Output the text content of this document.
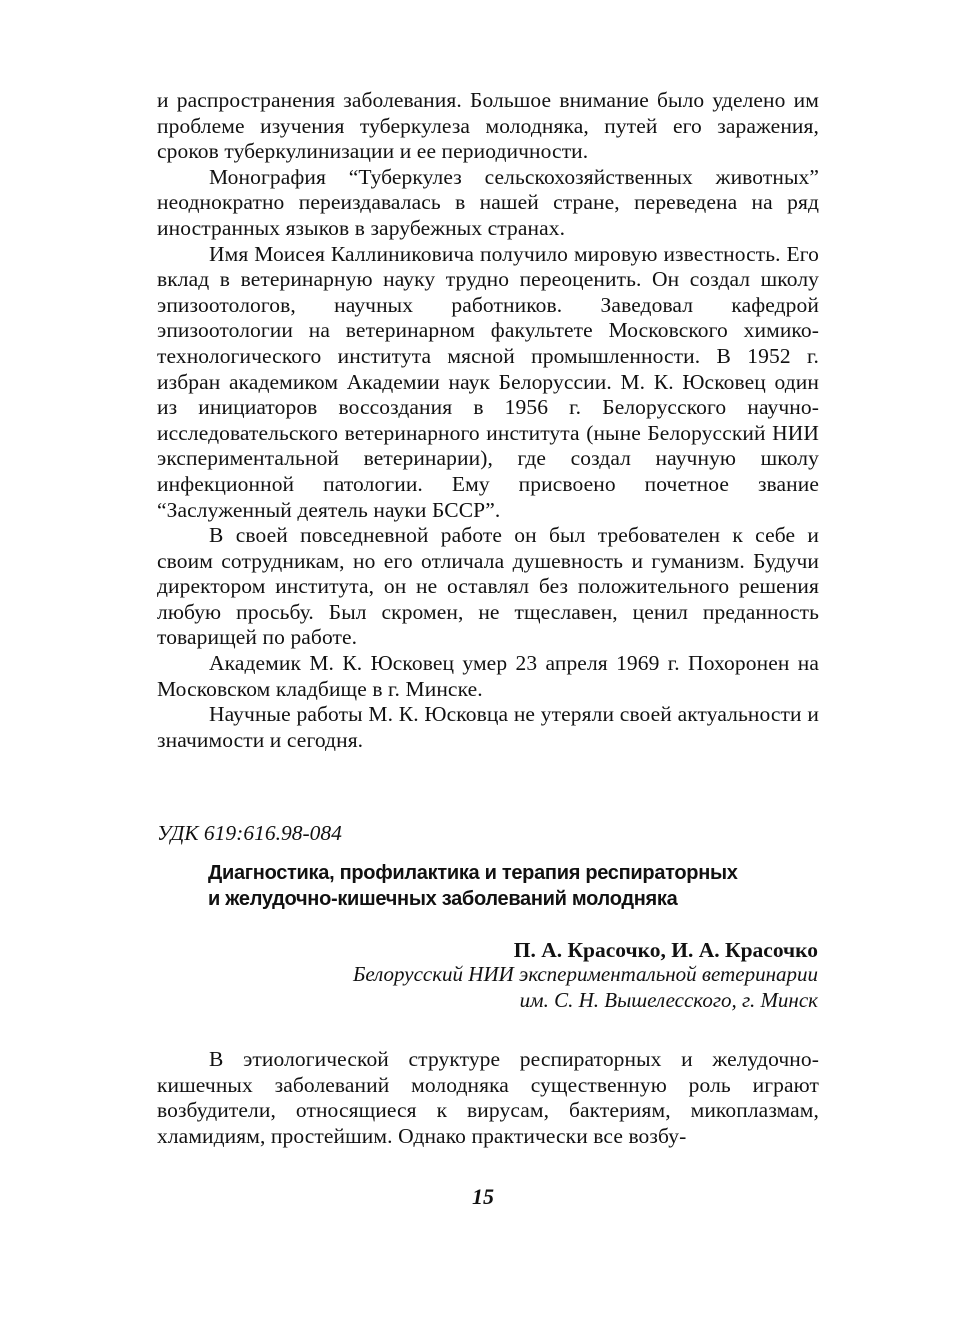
и распространения заболевания. Большое внимание было уделено им проблеме изучения туберкулеза молодняка, путей его заражения, сроков туберкулинизации и ее периодичности.

Монография “Туберкулез сельскохозяйственных животных” неоднократно переиздавалась в нашей стране, переведена на ряд иностранных языков в зарубежных странах.

Имя Моисея Каллиниковича получило мировую известность. Его вклад в ветеринарную науку трудно переоценить. Он создал школу эпизоотологов, научных работников. Заведовал кафедрой эпизоотологии на ветеринарном факультете Московского химико-технологического института мясной промышленности. В 1952 г. избран академиком Академии наук Белоруссии. М. К. Юсковец один из инициаторов воссоздания в 1956 г. Белорусского научно-исследовательского ветеринарного института (ныне Белорусский НИИ экспериментальной ветеринарии), где создал научную школу инфекционной патологии. Ему присвоено почетное звание “Заслуженный деятель науки БССР”.

В своей повседневной работе он был требователен к себе и своим сотрудникам, но его отличала душевность и гуманизм. Будучи директором института, он не оставлял без положительного решения любую просьбу. Был скромен, не тщеславен, ценил преданность товарищей по работе.

Академик М. К. Юсковец умер 23 апреля 1969 г. Похоронен на Московском кладбище в г. Минске.

Научные работы М. К. Юсковца не утеряли своей актуальности и значимости и сегодня.

УДК 619:616.98-084
Диагностика, профилактика и терапия респираторных
и желудочно-кишечных заболеваний молодняка
П. А. Красочко, И. А. Красочко
Белорусский НИИ экспериментальной ветеринарии
им. С. Н. Вышелесского, г. Минск

В этиологической структуре респираторных и желудочно-кишечных заболеваний молодняка существенную роль играют возбудители, относящиеся к вирусам, бактериям, микоплазмам, хламидиям, простейшим. Однако практически все возбу-

15
